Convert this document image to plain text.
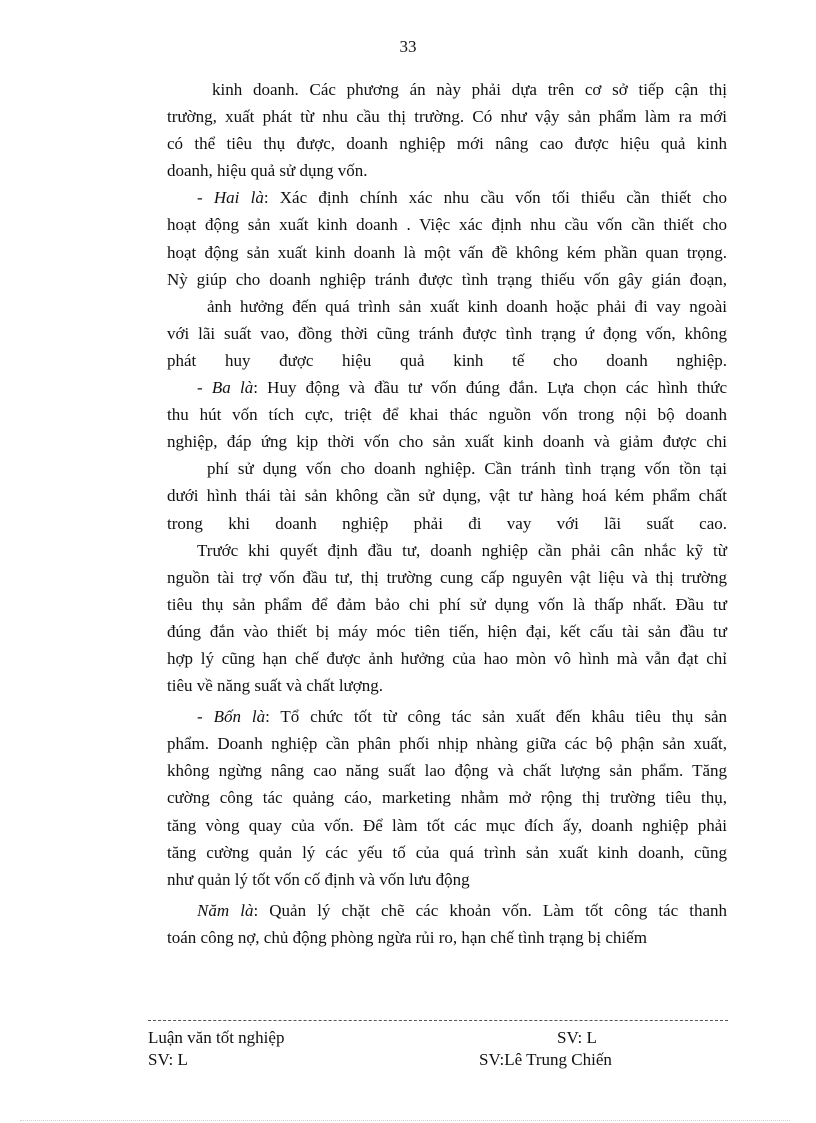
33
kinh doanh. Các phương án này phải dựa trên cơ sở tiếp cận thị
trường, xuất phát từ nhu cầu thị trường. Có như vậy sản phẩm làm ra mới
có thể tiêu thụ được, doanh nghiệp mới nâng cao được hiệu quả kinh
doanh, hiệu quả sử dụng vốn.
- Hai là: Xác định chính xác nhu cầu vốn tối thiểu cần thiết cho
hoạt động sản xuất kinh doanh . Việc xác định nhu cầu vốn cần thiết cho
hoạt động sản xuất kinh doanh là một vấn đề không kém phần quan trọng.
Nỳ giúp cho doanh nghiệp tránh được tình trạng thiếu vốn gây gián đoạn,
ảnh hưởng đến quá trình sản xuất kinh doanh hoặc phải đi vay ngoài
với lãi suất vao, đồng thời cũng tránh được tình trạng ứ đọng vốn, không
phát huy được hiệu quả kinh tế cho doanh nghiệp.
- Ba là: Huy động và đầu tư vốn đúng đắn. Lựa chọn các hình thức
thu hút vốn tích cực, triệt để khai thác nguồn vốn trong nội bộ doanh
nghiệp, đáp ứng kịp thời vốn cho sản xuất kinh doanh và giảm được chi
phí sử dụng vốn cho doanh nghiệp. Cần tránh tình trạng vốn tồn tại
dưới hình thái tài sản không cần sử dụng, vật tư hàng hoá kém phẩm chất
trong khi doanh nghiệp phải đi vay với lãi suất cao.
Trước khi quyết định đầu tư, doanh nghiệp cần phải cân nhắc kỹ từ
nguồn tài trợ vốn đầu tư, thị trường cung cấp nguyên vật liệu và thị trường
tiêu thụ sản phẩm để đảm bảo chi phí sử dụng vốn là thấp nhất. Đầu tư
đúng đắn vào thiết bị máy móc tiên tiến, hiện đại, kết cấu tài sản đầu tư
hợp lý cũng hạn chế được ảnh hưởng của hao mòn vô hình mà vẫn đạt chỉ
tiêu về năng suất và chất lượng.
- Bốn là: Tổ chức tốt từ công tác sản xuất đến khâu tiêu thụ sản
phẩm. Doanh nghiệp cần phân phối nhịp nhàng giữa các bộ phận sản xuất,
không ngừng nâng cao năng suất lao động và chất lượng sản phẩm. Tăng
cường công tác quảng cáo, marketing nhằm mở rộng thị trường tiêu thụ,
tăng vòng quay của vốn. Để làm tốt các mục đích ấy, doanh nghiệp phải
tăng cường quản lý các yếu tố của quá trình sản xuất kinh doanh, cũng
như quản lý tốt vốn cố định và vốn lưu động
Năm là: Quản lý chặt chẽ các khoản vốn. Làm tốt công tác thanh
toán công nợ, chủ động phòng ngừa rủi ro, hạn chế tình trạng bị chiếm
Luận văn tốt nghiệp	SV: L
SV: L	SV:Lê Trung Chiến
